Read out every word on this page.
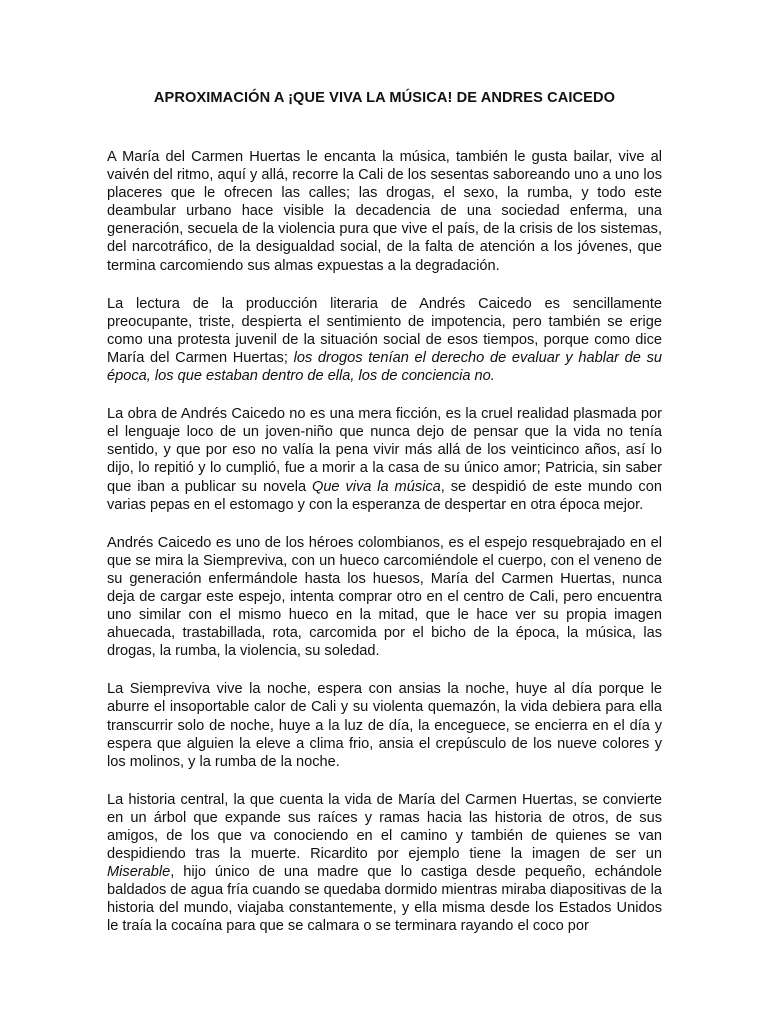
APROXIMACIÓN A ¡QUE VIVA LA MÚSICA! DE ANDRES CAICEDO

A María del Carmen Huertas le encanta la música, también le gusta bailar, vive al vaivén del ritmo, aquí y allá, recorre la Cali de los sesentas saboreando uno a uno los placeres que le ofrecen las calles; las drogas, el sexo, la rumba, y todo este deambular urbano hace visible la decadencia de una sociedad enferma, una generación, secuela de la violencia pura que vive el país, de la crisis de los sistemas, del narcotráfico, de la desigualdad social, de la falta de atención a los jóvenes, que termina carcomiendo sus almas expuestas a la degradación.

La lectura de la producción literaria de Andrés Caicedo es sencillamente preocupante, triste, despierta el sentimiento de impotencia, pero también se erige como una protesta juvenil de la situación social de esos tiempos, porque como dice María del Carmen Huertas; los drogos tenían el derecho de evaluar y hablar de su época, los que estaban dentro de ella, los de conciencia no.

La obra de Andrés Caicedo no es una mera ficción, es la cruel realidad plasmada por el lenguaje loco de un joven-niño que nunca dejo de pensar que la vida no tenía sentido, y que por eso no valía la pena vivir más allá de los veinticinco años, así lo dijo, lo repitió y lo cumplió, fue a morir a la casa de su único amor; Patricia, sin saber que iban a publicar su novela Que viva la música, se despidió de este mundo con varias pepas en el estomago y con la esperanza de despertar en otra época mejor.

Andrés Caicedo es uno de los héroes colombianos, es el espejo resquebrajado en el que se mira la Siempreviva, con un hueco carcomiéndole el cuerpo, con el veneno de su generación enfermándole hasta los huesos, María del Carmen Huertas, nunca deja de cargar este espejo, intenta comprar otro en el centro de Cali, pero encuentra uno similar con el mismo hueco en la mitad, que le hace ver su propia imagen ahuecada, trastabillada, rota, carcomida por el bicho de la época, la música, las drogas, la rumba, la violencia, su soledad.

La Siempreviva vive la noche, espera con ansias la noche, huye al día porque le aburre el insoportable calor de Cali y su violenta quemazón, la vida debiera para ella transcurrir solo de noche, huye a la luz de día, la enceguece, se encierra en el día y espera que alguien la eleve a clima frio, ansia el crepúsculo de los nueve colores y los molinos, y la rumba de la noche.

La historia central, la que cuenta la vida de María del Carmen Huertas, se convierte en un árbol que expande sus raíces y ramas hacia las historia de otros, de sus amigos, de los que va conociendo en el camino y también de quienes se van despidiendo tras la muerte. Ricardito por ejemplo tiene la imagen de ser un Miserable, hijo único de una madre que lo castiga desde pequeño, echándole baldados de agua fría cuando se quedaba dormido mientras miraba diapositivas de la historia del mundo, viajaba constantemente, y ella misma desde los Estados Unidos le traía la cocaína para que se calmara o se terminara rayando el coco por
